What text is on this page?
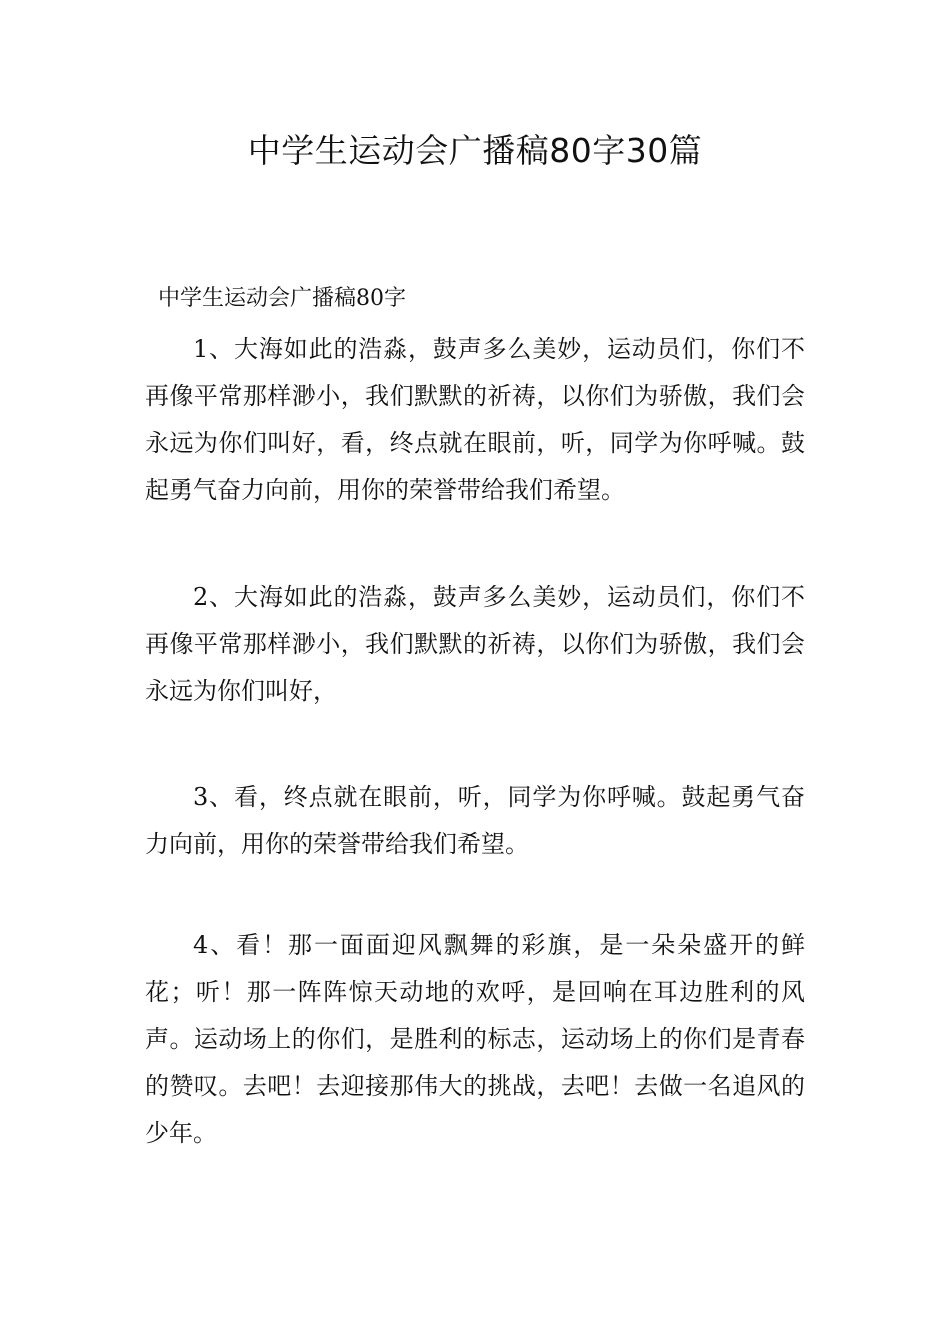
中学生运动会广播稿80字30篇

中学生运动会广播稿80字

1、大海如此的浩淼，鼓声多么美妙，运动员们，你们不再像平常那样渺小，我们默默的祈祷，以你们为骄傲，我们会永远为你们叫好，看，终点就在眼前，听，同学为你呼喊。鼓起勇气奋力向前，用你的荣誉带给我们希望。

2、大海如此的浩淼，鼓声多么美妙，运动员们，你们不再像平常那样渺小，我们默默的祈祷，以你们为骄傲，我们会永远为你们叫好，

3、看，终点就在眼前，听，同学为你呼喊。鼓起勇气奋力向前，用你的荣誉带给我们希望。

4、看！那一面面迎风飘舞的彩旗，是一朵朵盛开的鲜花；听！那一阵阵惊天动地的欢呼，是回响在耳边胜利的风声。运动场上的你们，是胜利的标志，运动场上的你们是青春的赞叹。去吧！去迎接那伟大的挑战，去吧！去做一名追风的少年。
